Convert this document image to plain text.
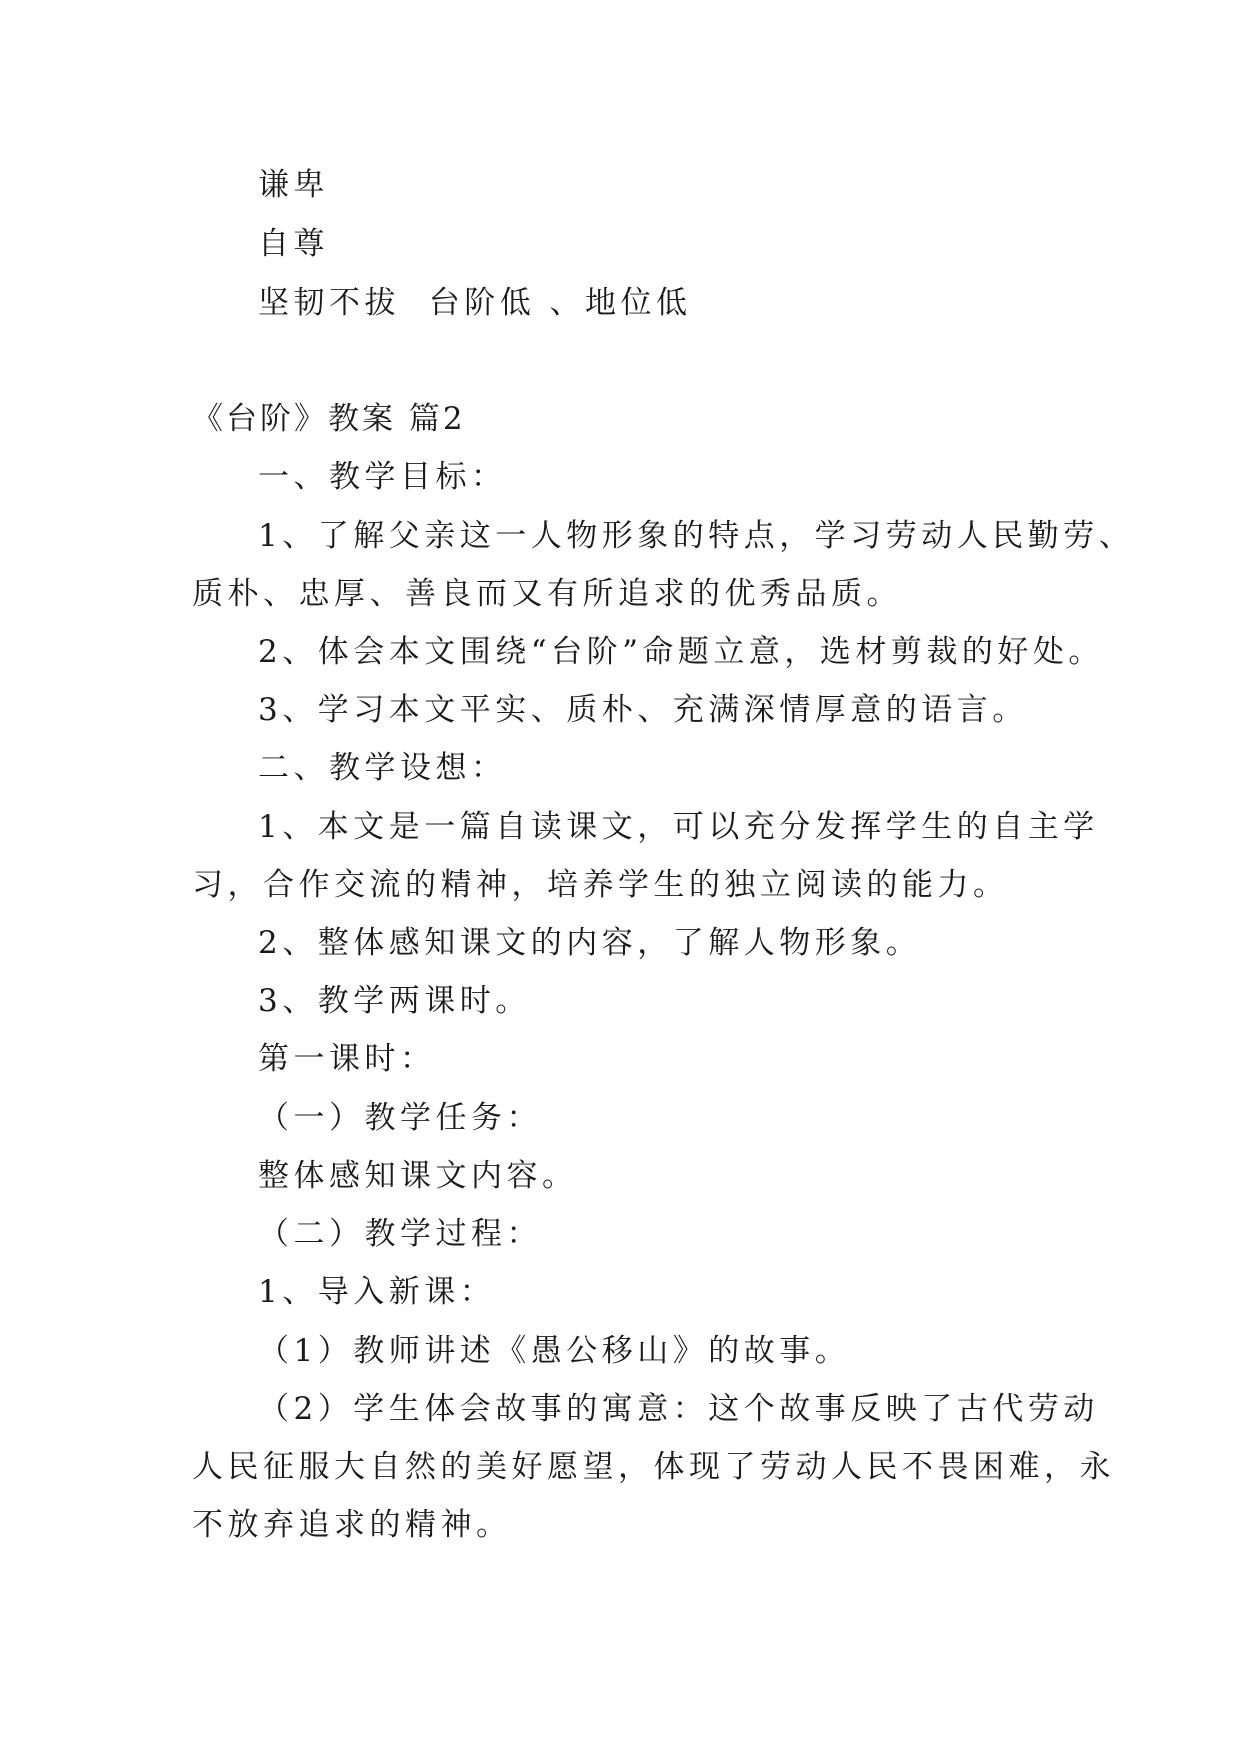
谦卑
自尊
坚韧不拔  台阶低 、地位低
《台阶》教案 篇2
一、教学目标：
1、了解父亲这一人物形象的特点，学习劳动人民勤劳、
质朴、忠厚、善良而又有所追求的优秀品质。
2、体会本文围绕“台阶”命题立意，选材剪裁的好处。
3、学习本文平实、质朴、充满深情厚意的语言。
二、教学设想：
1、本文是一篇自读课文，可以充分发挥学生的自主学
习，合作交流的精神，培养学生的独立阅读的能力。
2、整体感知课文的内容，了解人物形象。
3、教学两课时。
第一课时：
（一）教学任务：
整体感知课文内容。
（二）教学过程：
1、导入新课：
（1）教师讲述《愚公移山》的故事。
（2）学生体会故事的寓意：这个故事反映了古代劳动
人民征服大自然的美好愿望，体现了劳动人民不畏困难，永
不放弃追求的精神。
